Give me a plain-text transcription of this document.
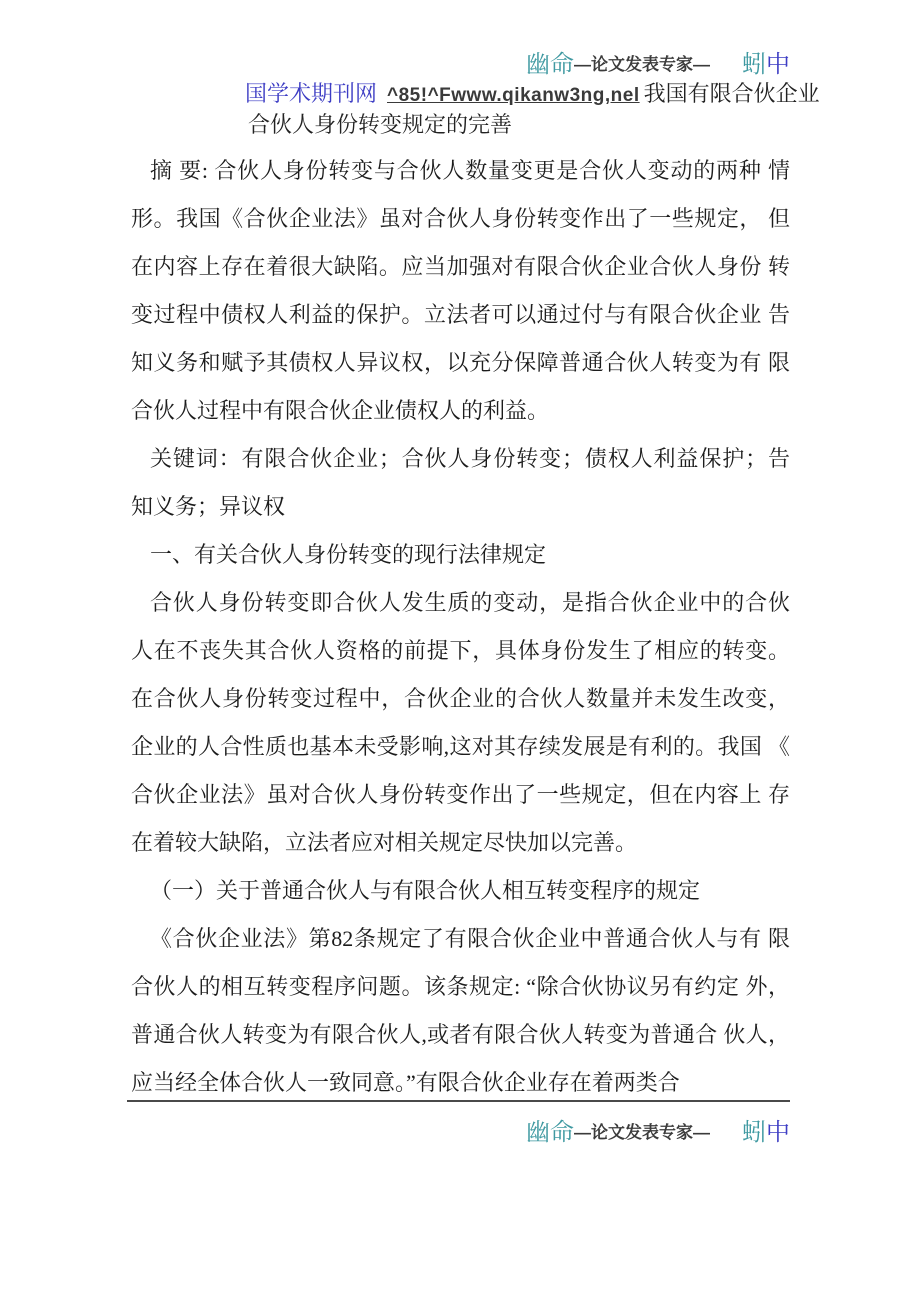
幽命—论文发表专家— 蚓中
国学术期刊网 ^85!^Fwww.qikanw3ng,nel 我国有限合伙企业
合伙人身份转变规定的完善
摘 要: 合伙人身份转变与合伙人数量变更是合伙人变动的两种 情
形。我国《合伙企业法》虽对合伙人身份转变作出了一些规定， 但
在内容上存在着很大缺陷。应当加强对有限合伙企业合伙人身份 转
变过程中债权人利益的保护。立法者可以通过付与有限合伙企业 告
知义务和赋予其债权人异议权，以充分保障普通合伙人转变为有 限
合伙人过程中有限合伙企业债权人的利益。
关键词：有限合伙企业；合伙人身份转变；债权人利益保护；告
知义务；异议权
一、有关合伙人身份转变的现行法律规定
合伙人身份转变即合伙人发生质的变动，是指合伙企业中的合伙
人在不丧失其合伙人资格的前提下，具体身份发生了相应的转变。
在合伙人身份转变过程中，合伙企业的合伙人数量并未发生改变，
企业的人合性质也基本未受影响,这对其存续发展是有利的。我国 《
合伙企业法》虽对合伙人身份转变作出了一些规定，但在内容上 存
在着较大缺陷，立法者应对相关规定尽快加以完善。
（一）关于普通合伙人与有限合伙人相互转变程序的规定
《合伙企业法》第82条规定了有限合伙企业中普通合伙人与有 限
合伙人的相互转变程序问题。该条规定: “除合伙协议另有约定 外，
普通合伙人转变为有限合伙人,或者有限合伙人转变为普通合 伙人，
应当经全体合伙人一致同意。”有限合伙企业存在着两类合
幽命—论文发表专家— 蚓中
